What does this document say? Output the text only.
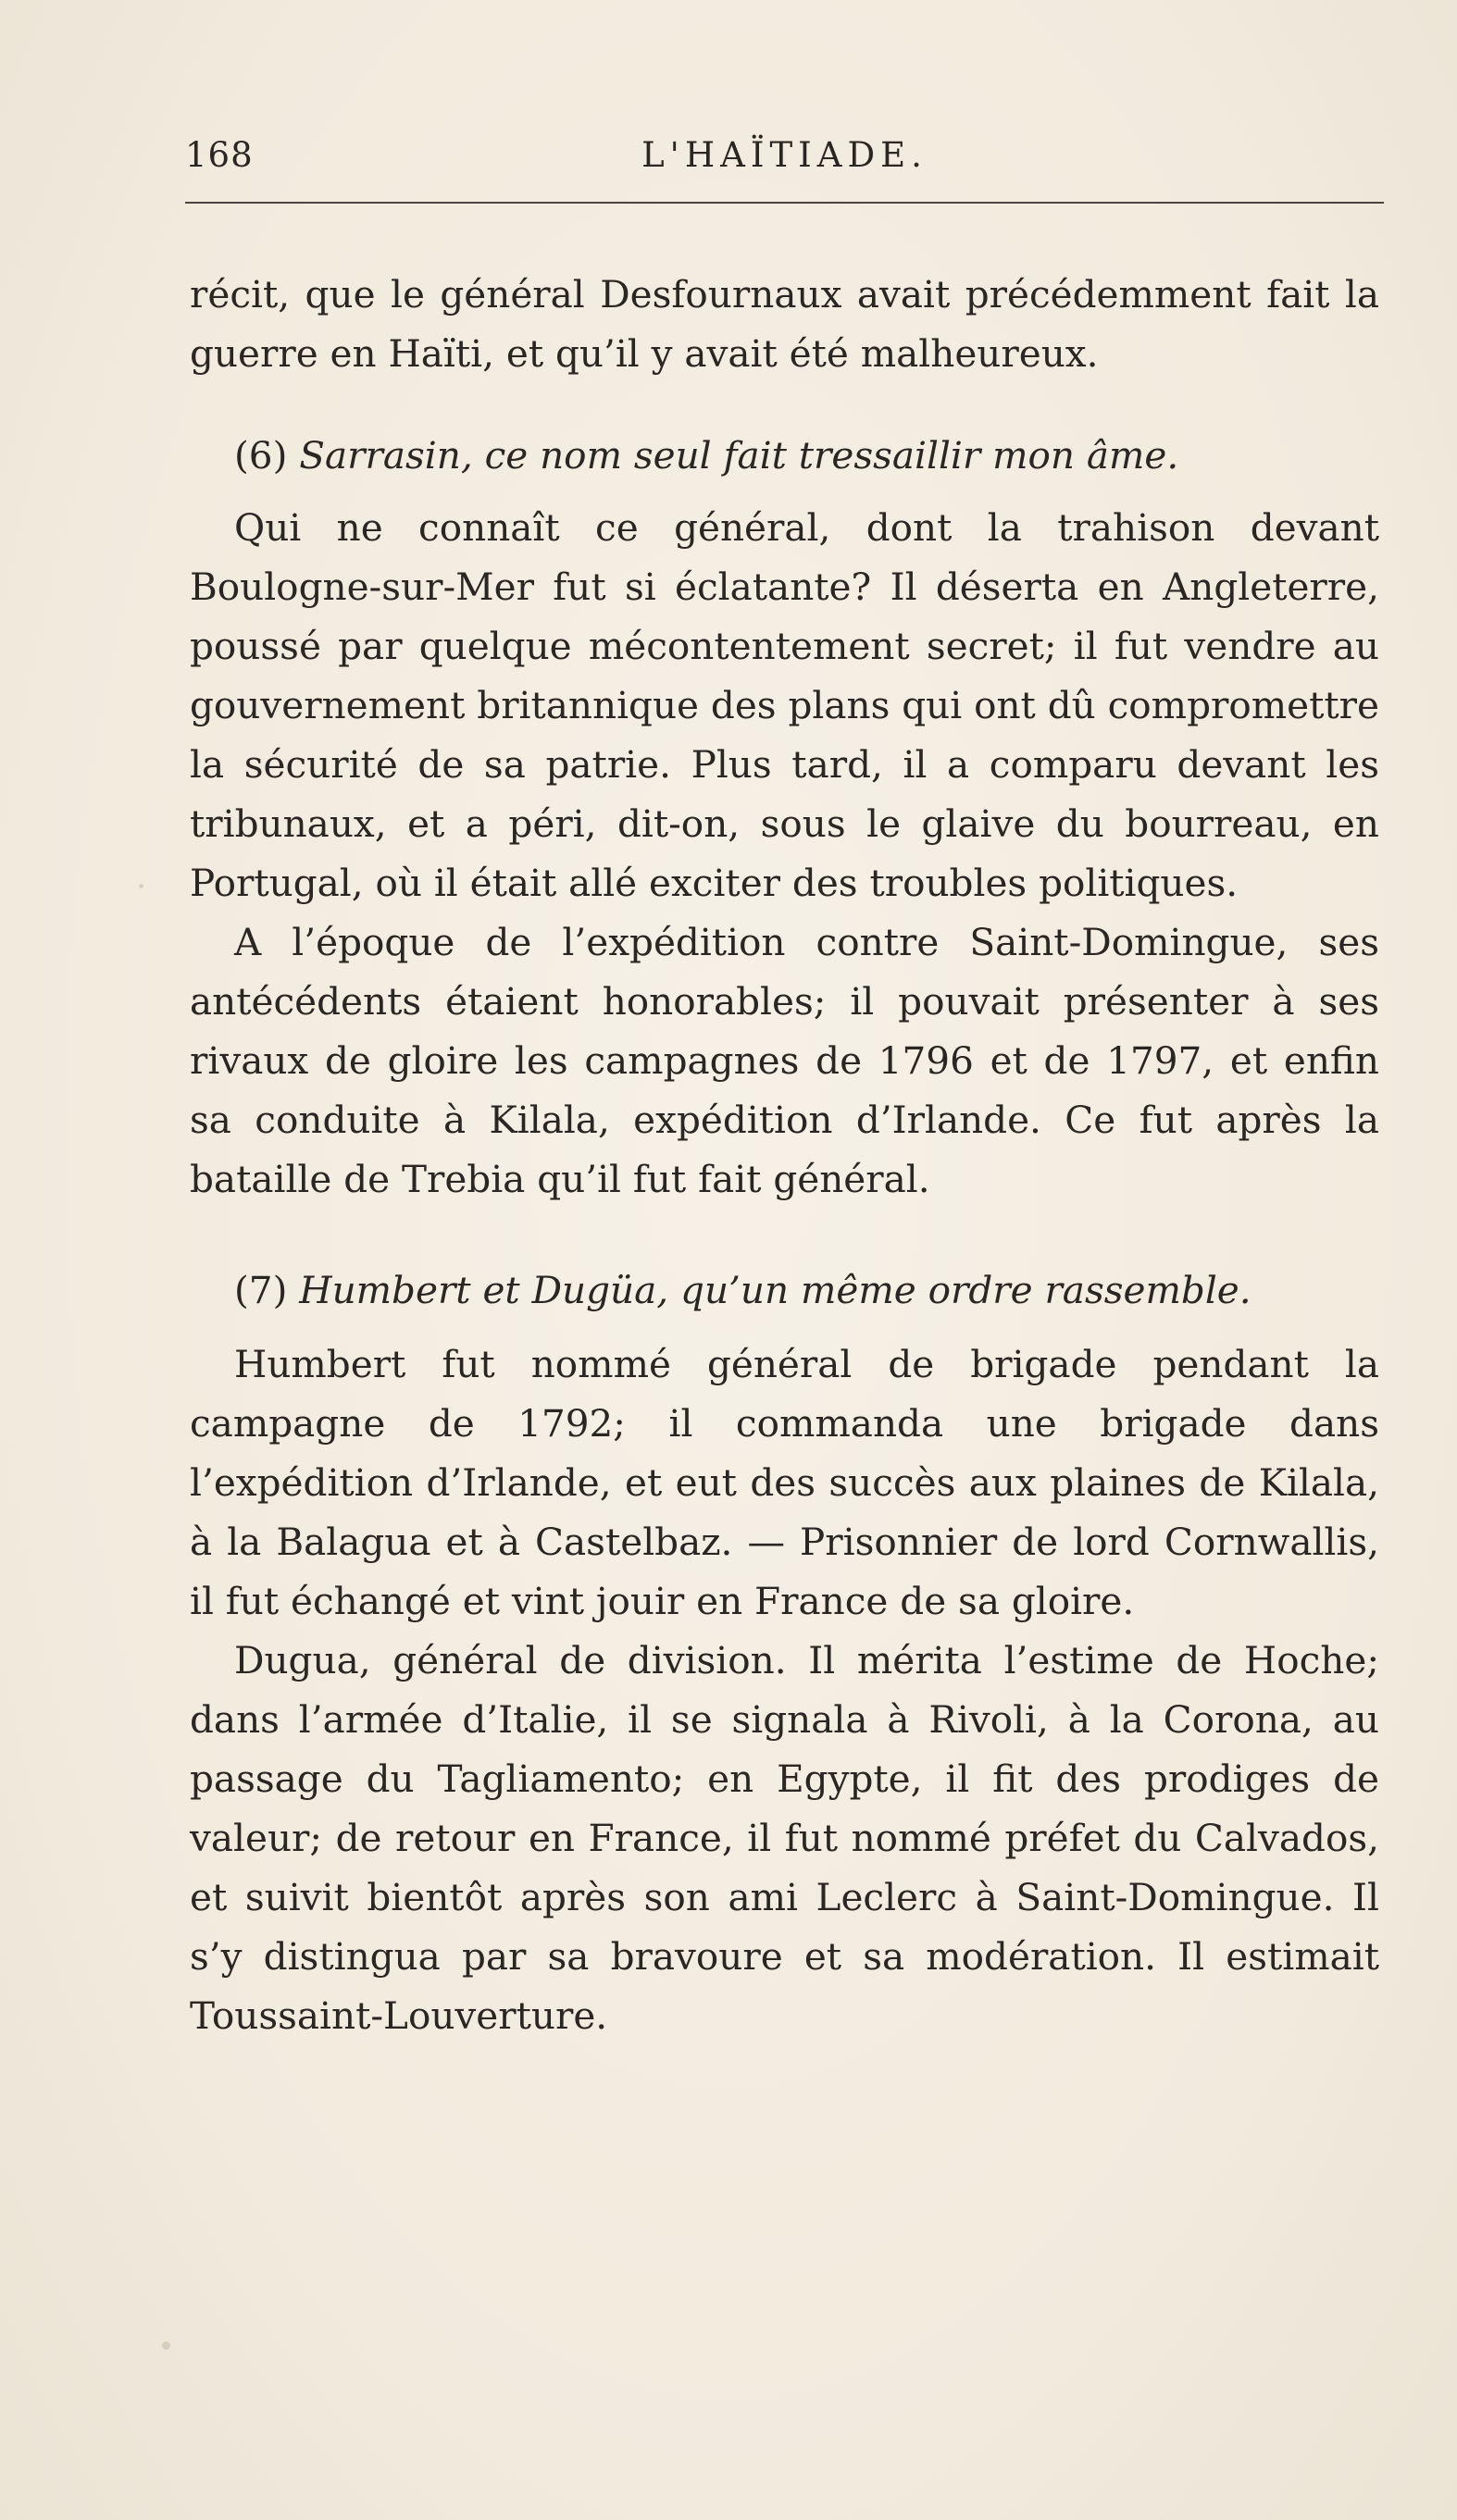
168	L'HAÏTIADE.

récit, que le général Desfournaux avait précédemment fait la guerre en Haïti, et qu’il y avait été malheureux.

(6) Sarrasin, ce nom seul fait tressaillir mon âme.

Qui ne connaît ce général, dont la trahison devant Boulogne-sur-Mer fut si éclatante? Il déserta en Angleterre, poussé par quelque mécontentement secret; il fut vendre au gouvernement britannique des plans qui ont dû compromettre la sécurité de sa patrie. Plus tard, il a comparu devant les tribunaux, et a péri, dit-on, sous le glaive du bourreau, en Portugal, où il était allé exciter des troubles politiques.

A l’époque de l’expédition contre Saint-Domingue, ses antécédents étaient honorables; il pouvait présenter à ses rivaux de gloire les campagnes de 1796 et de 1797, et enfin sa conduite à Kilala, expédition d’Irlande. Ce fut après la bataille de Trebia qu’il fut fait général.

(7) Humbert et Dugüa, qu’un même ordre rassemble.

Humbert fut nommé général de brigade pendant la campagne de 1792; il commanda une brigade dans l’expédition d’Irlande, et eut des succès aux plaines de Kilala, à la Balagua et à Castelbaz. — Prisonnier de lord Cornwallis, il fut échangé et vint jouir en France de sa gloire.

Dugua, général de division. Il mérita l’estime de Hoche; dans l’armée d’Italie, il se signala à Rivoli, à la Corona, au passage du Tagliamento; en Egypte, il fit des prodiges de valeur; de retour en France, il fut nommé préfet du Calvados, et suivit bientôt après son ami Leclerc à Saint-Domingue. Il s’y distingua par sa bravoure et sa modération. Il estimait Toussaint-Louverture.
